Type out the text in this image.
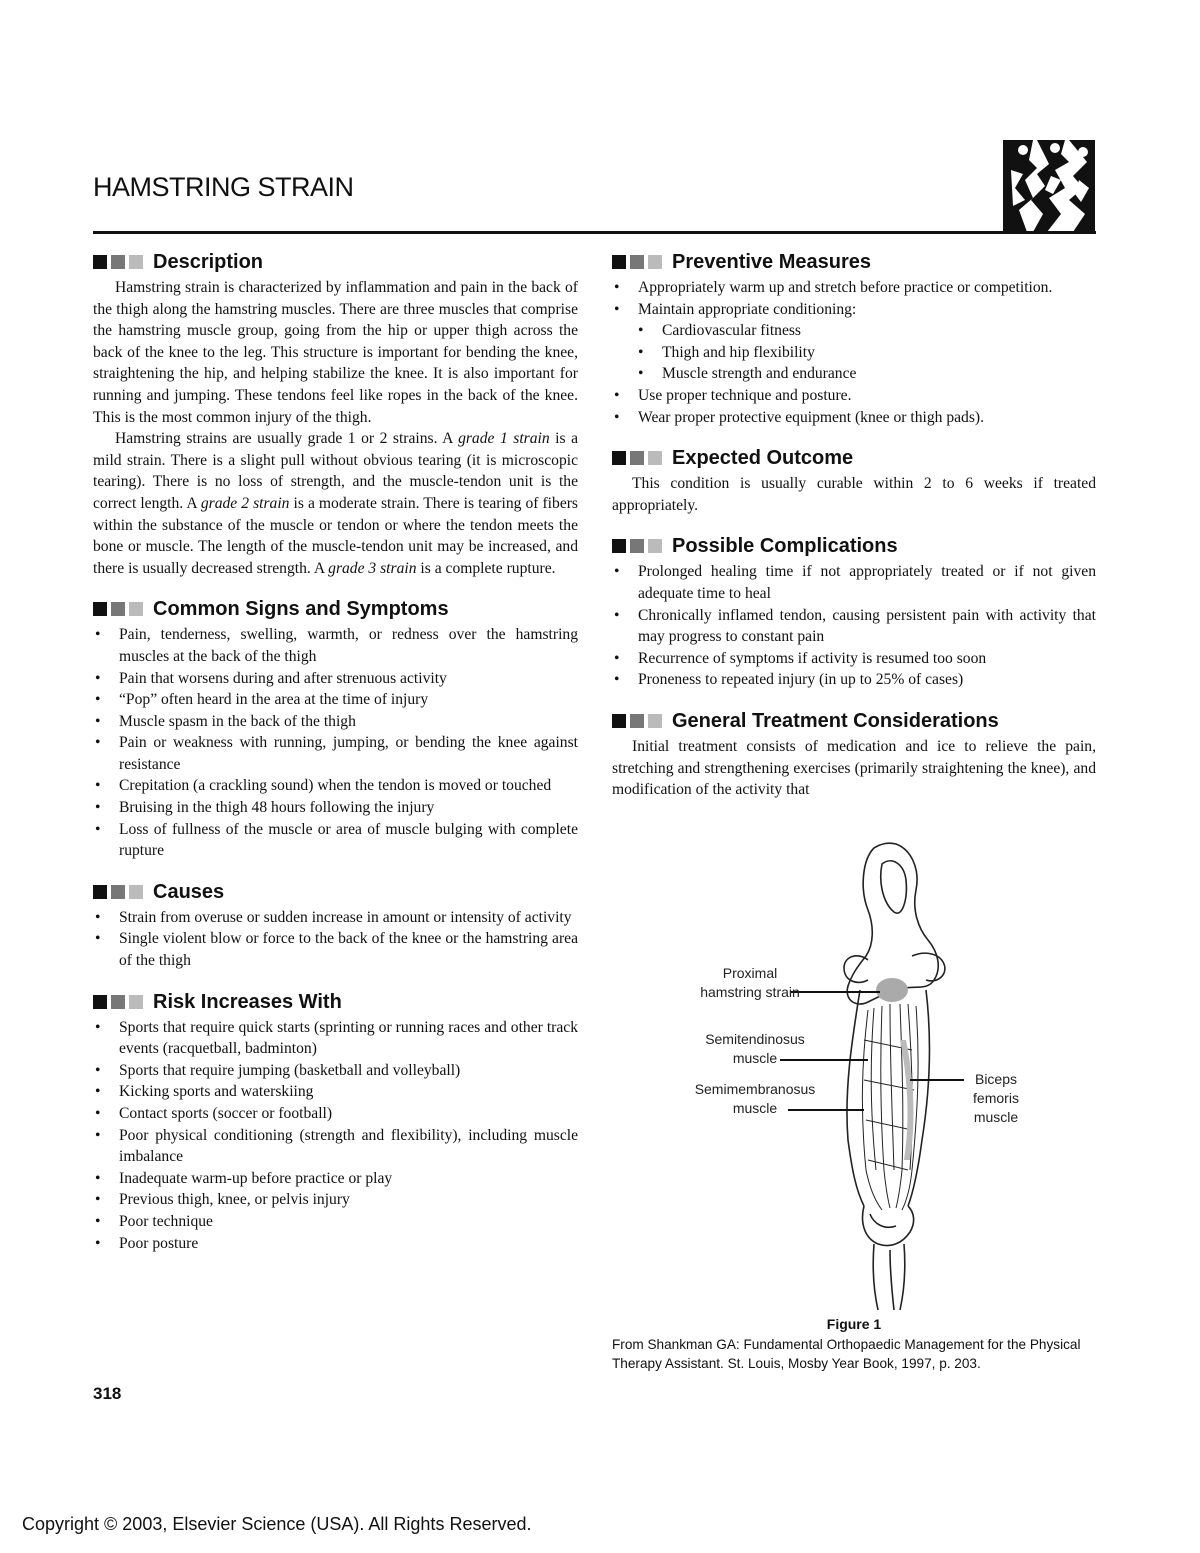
HAMSTRING STRAIN
Description

Hamstring strain is characterized by inflammation and pain in the back of the thigh along the hamstring muscles. There are three muscles that comprise the hamstring muscle group, going from the hip or upper thigh across the back of the knee to the leg. This structure is important for bending the knee, straightening the hip, and helping stabilize the knee. It is also important for running and jumping. These tendons feel like ropes in the back of the knee. This is the most common injury of the thigh.

Hamstring strains are usually grade 1 or 2 strains. A grade 1 strain is a mild strain. There is a slight pull without obvious tearing (it is microscopic tearing). There is no loss of strength, and the muscle-tendon unit is the correct length. A grade 2 strain is a moderate strain. There is tearing of fibers within the substance of the muscle or tendon or where the tendon meets the bone or muscle. The length of the muscle-tendon unit may be increased, and there is usually decreased strength. A grade 3 strain is a complete rupture.

Common Signs and Symptoms
• Pain, tenderness, swelling, warmth, or redness over the hamstring muscles at the back of the thigh
• Pain that worsens during and after strenuous activity
• “Pop” often heard in the area at the time of injury
• Muscle spasm in the back of the thigh
• Pain or weakness with running, jumping, or bending the knee against resistance
• Crepitation (a crackling sound) when the tendon is moved or touched
• Bruising in the thigh 48 hours following the injury
• Loss of fullness of the muscle or area of muscle bulging with complete rupture
Causes
• Strain from overuse or sudden increase in amount or intensity of activity
• Single violent blow or force to the back of the knee or the hamstring area of the thigh
Risk Increases With
• Sports that require quick starts (sprinting or running races and other track events (racquetball, badminton)
• Sports that require jumping (basketball and volleyball)
• Kicking sports and waterskiing
• Contact sports (soccer or football)
• Poor physical conditioning (strength and flexibility), including muscle imbalance
• Inadequate warm-up before practice or play
• Previous thigh, knee, or pelvis injury
• Poor technique
• Poor posture
Preventive Measures
• Appropriately warm up and stretch before practice or competition.
• Maintain appropriate conditioning:
• Cardiovascular fitness
• Thigh and hip flexibility
• Muscle strength and endurance
• Use proper technique and posture.
• Wear proper protective equipment (knee or thigh pads).
Expected Outcome

This condition is usually curable within 2 to 6 weeks if treated appropriately.

Possible Complications
• Prolonged healing time if not appropriately treated or if not given adequate time to heal
• Chronically inflamed tendon, causing persistent pain with activity that may progress to constant pain
• Recurrence of symptoms if activity is resumed too soon
• Proneness to repeated injury (in up to 25% of cases)
General Treatment Considerations

Initial treatment consists of medication and ice to relieve the pain, stretching and strengthening exercises (primarily straightening the knee), and modification of the activity that

Proximal hamstring strain
Semitendinosus muscle
Semimembranosus muscle
Biceps femoris muscle
Figure 1
From Shankman GA: Fundamental Orthopaedic Management for the Physical Therapy Assistant. St. Louis, Mosby Year Book, 1997, p. 203.
318
Copyright © 2003, Elsevier Science (USA). All Rights Reserved.
